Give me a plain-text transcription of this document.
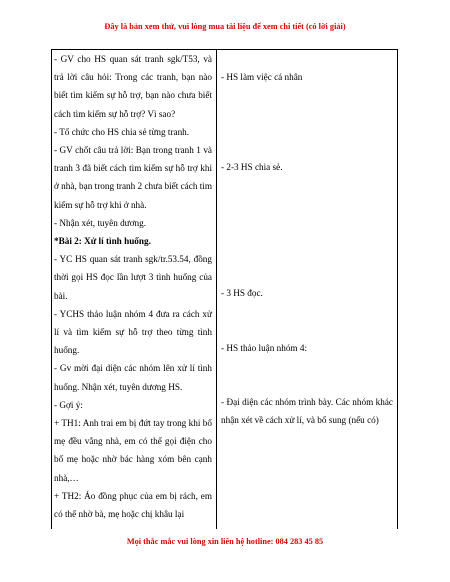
Đây là bản xem thử, vui lòng mua tài liệu để xem chi tiết (có lời giải)

- GV cho HS quan sát tranh sgk/T53, và trả lời câu hỏi: Trong các tranh, bạn nào biết tìm kiếm sự hỗ trợ, bạn nào chưa biết cách tìm kiếm sự hỗ trợ? Vì sao?

- Tổ chức cho HS chia sẻ từng tranh.

- GV chốt câu trả lời: Bạn trong tranh 1 và tranh 3 đã biết cách tìm kiếm sự hỗ trợ khi ở nhà, bạn trong tranh 2 chưa biết cách tìm kiếm sự hỗ trợ khi ở nhà.

- Nhận xét, tuyên dương.

*Bài 2: Xử lí tình huống.

- YC HS quan sát tranh sgk/tr.53.54, đồng thời gọi HS đọc lần lượt 3 tình huống của bài.

- YCHS thảo luận nhóm 4 đưa ra cách xử lí và tìm kiếm sự hỗ trợ theo từng tình huống.

- Gv mời đại diện các nhóm lên xử lí tình huống. Nhận xét, tuyên dương HS.

- Gợi ý:

+ TH1: Anh trai em bị đứt tay trong khi bố mẹ đều vắng nhà, em có thể gọi điện cho bố mẹ hoặc nhờ bác hàng xóm bên cạnh nhà,…

+ TH2: Áo đồng phục của em bị rách, em có thể nhờ bà, mẹ hoặc chị khâu lại

- HS làm việc cá nhân

- 2-3 HS chia sẻ.

- 3 HS đọc.

- HS thảo luận nhóm 4:

- Đại diện các nhóm trình bày. Các nhóm khác nhận xét về cách xử lí, và bổ sung (nếu có)

Mọi thắc mắc vui lòng xin liên hệ hotline: 084 283 45 85
